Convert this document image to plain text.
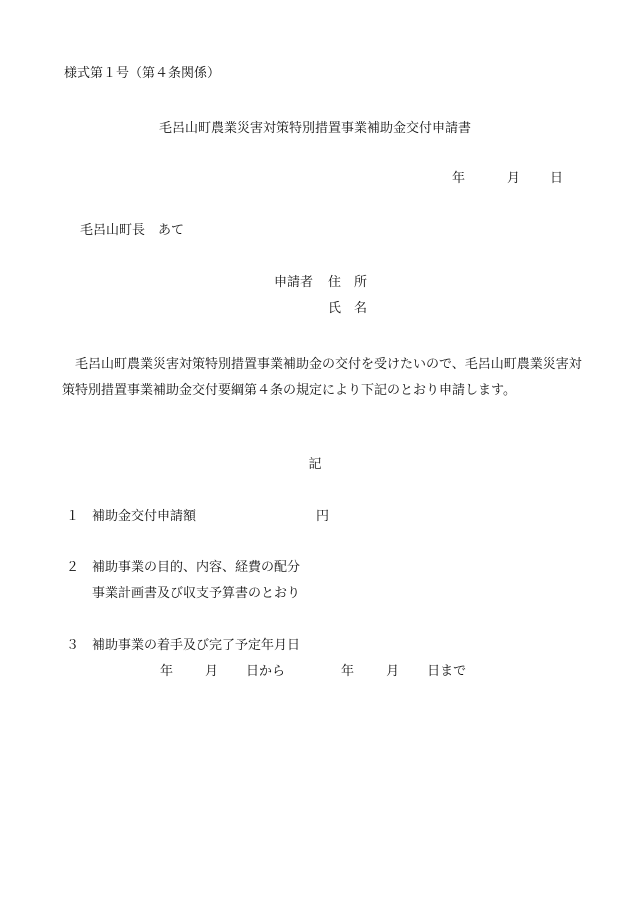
様式第１号（第４条関係）
毛呂山町農業災害対策特別措置事業補助金交付申請書
年	月 日
毛呂山町長　あて
申請者 住　所
氏　名
毛呂山町農業災害対策特別措置事業補助金の交付を受けたいので、毛呂山町農業災害対策特別措置事業補助金交付要綱第４条の規定により下記のとおり申請します。
記
１ 補助金交付申請額	円
２ 補助事業の目的、内容、経費の配分
事業計画書及び収支予算書のとおり
３ 補助事業の着手及び完了予定年月日
年 月 日から	年 月 日まで
